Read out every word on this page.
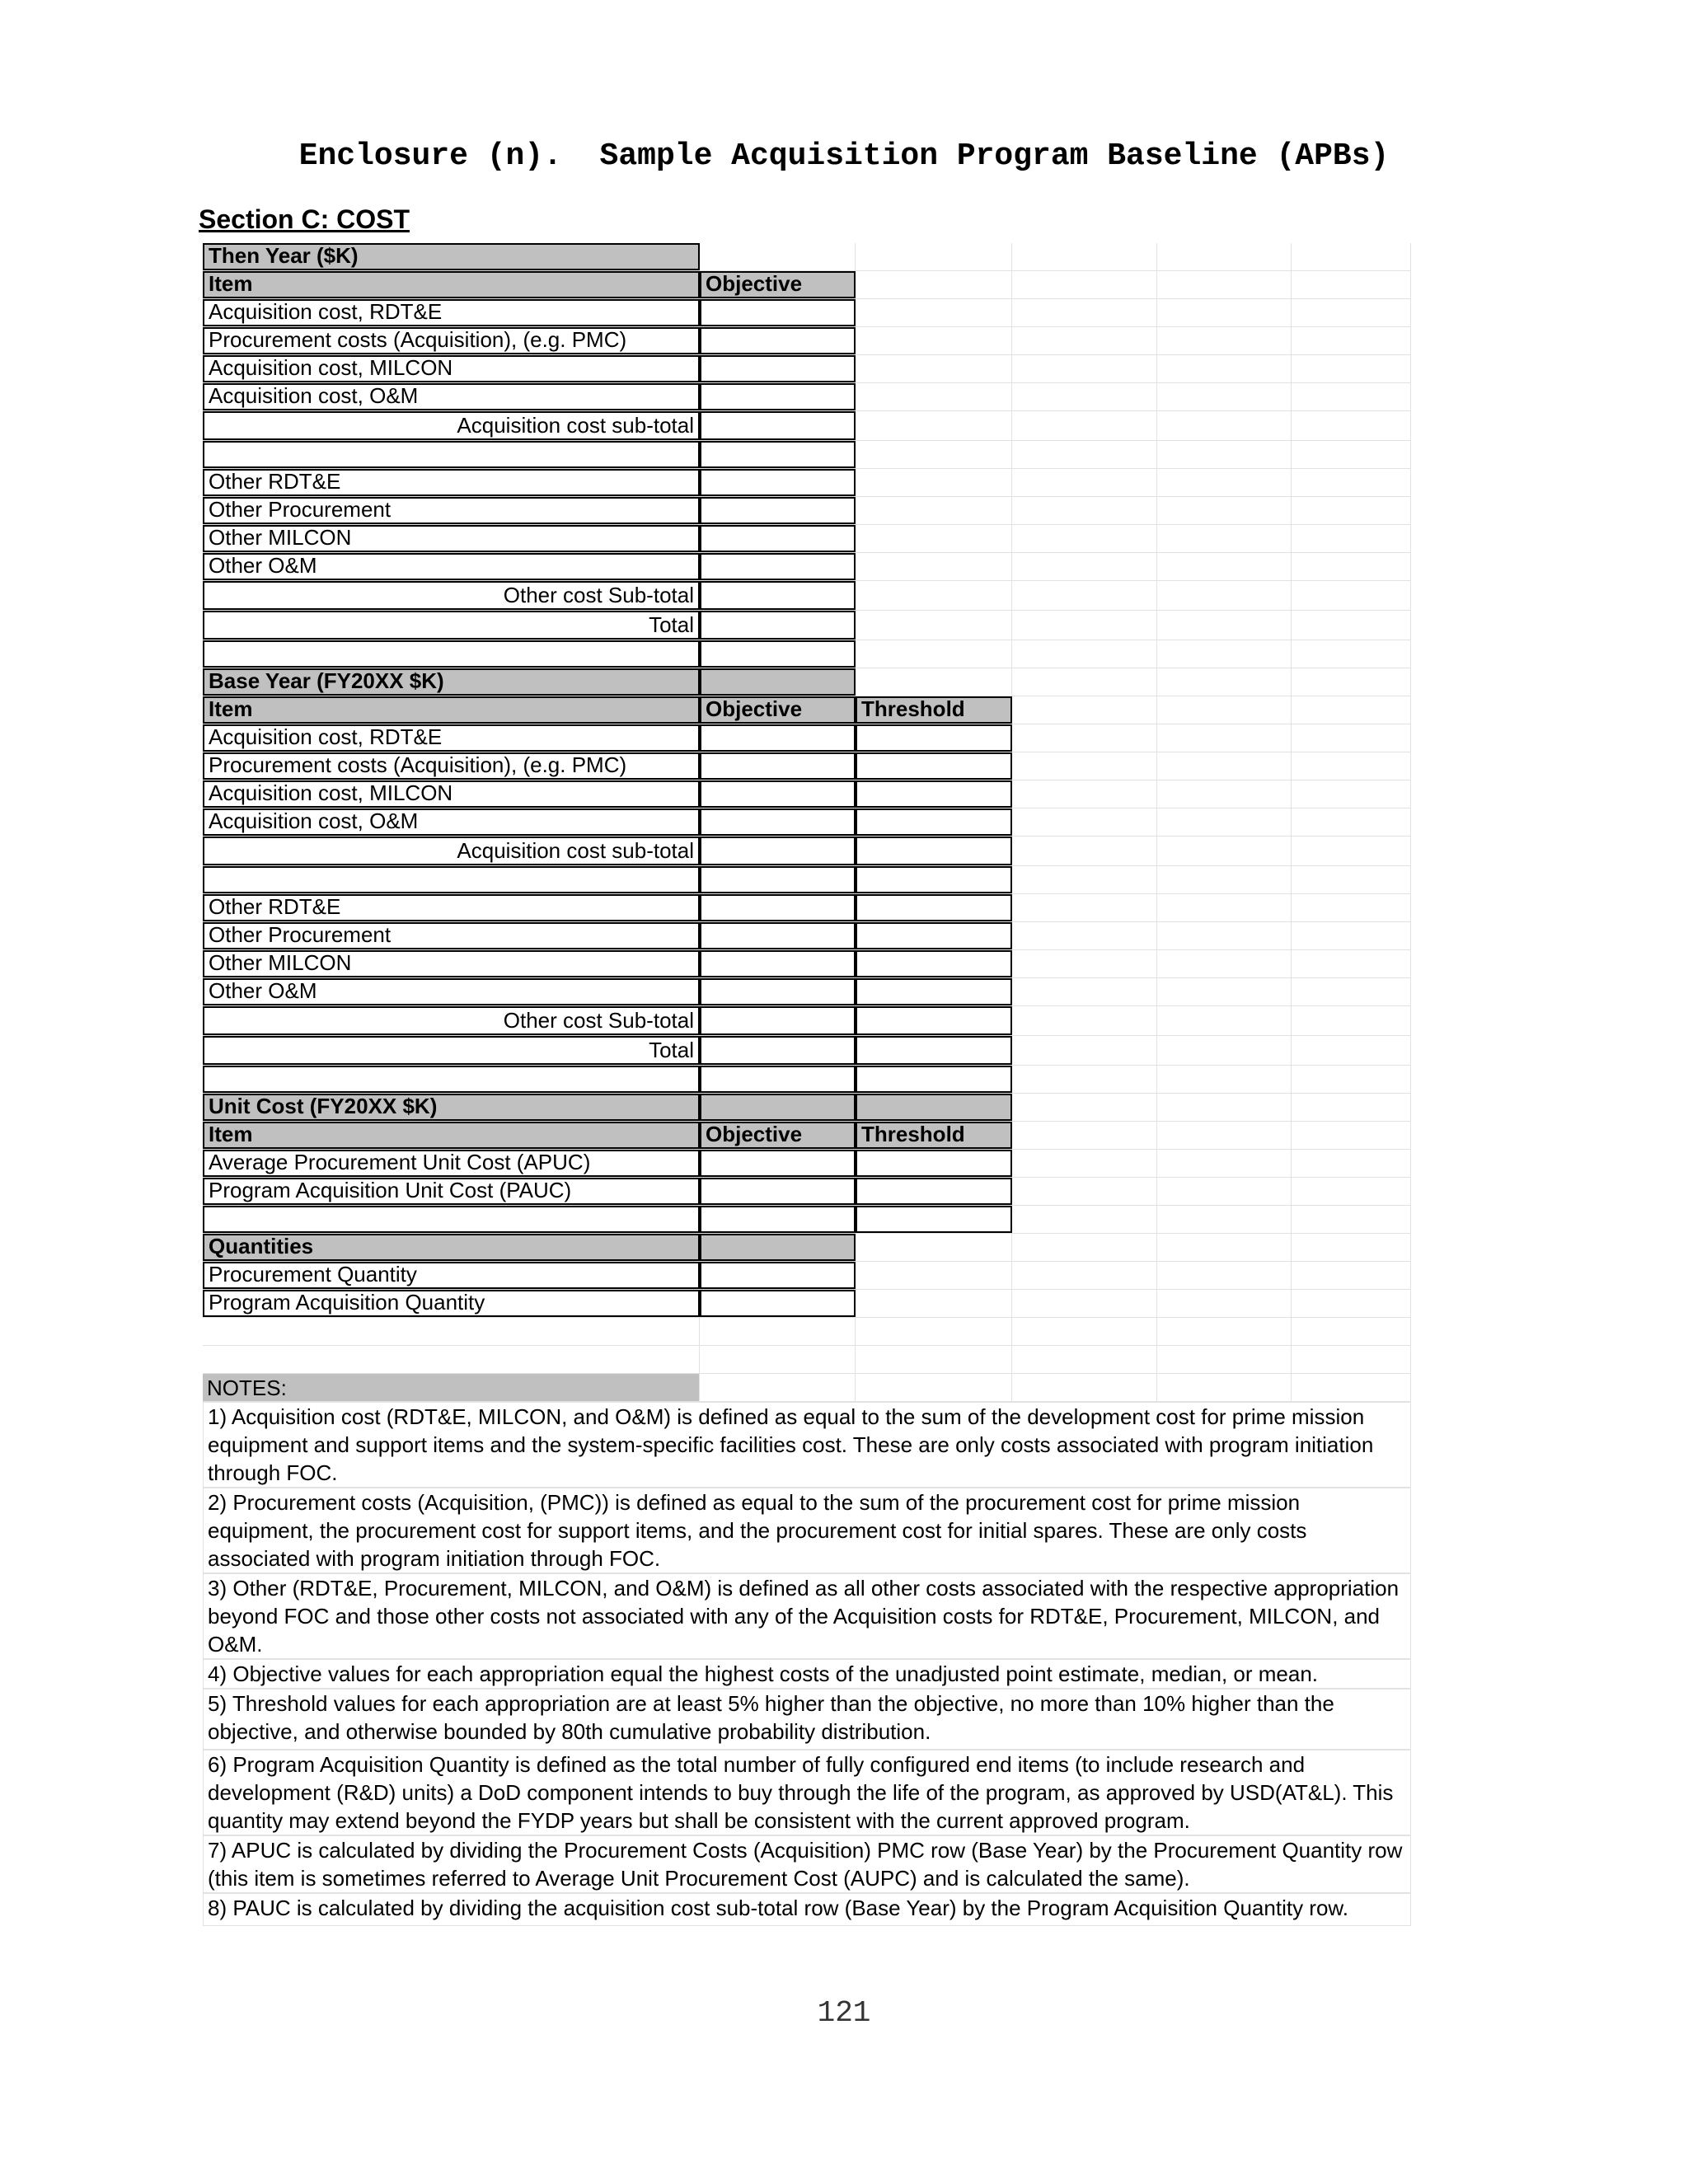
Enclosure (n).  Sample Acquisition Program Baseline (APBs)
Section C: COST
Then Year ($K)
Item	Objective
Acquisition cost, RDT&E
Procurement costs (Acquisition), (e.g. PMC)
Acquisition cost, MILCON
Acquisition cost, O&M
Acquisition cost sub-total
Other RDT&E
Other Procurement
Other MILCON
Other O&M
Other cost Sub-total
Total
Base Year (FY20XX $K)
Item	Objective	Threshold
Acquisition cost, RDT&E
Procurement costs (Acquisition), (e.g. PMC)
Acquisition cost, MILCON
Acquisition cost, O&M
Acquisition cost sub-total
Other RDT&E
Other Procurement
Other MILCON
Other O&M
Other cost Sub-total
Total
Unit Cost (FY20XX $K)
Item	Objective	Threshold
Average Procurement Unit Cost (APUC)
Program Acquisition Unit Cost (PAUC)
Quantities
Procurement Quantity
Program Acquisition Quantity
NOTES:
1) Acquisition cost (RDT&E, MILCON, and O&M) is defined as equal to the sum of the development cost for prime mission equipment and support items and the system-specific facilities cost. These are only costs associated with program initiation through FOC.
2) Procurement costs (Acquisition, (PMC)) is defined as equal to the sum of the procurement cost for prime mission equipment, the procurement cost for support items, and the procurement cost for initial spares. These are only costs associated with program initiation through FOC.
3) Other (RDT&E, Procurement, MILCON, and O&M) is defined as all other costs associated with the respective appropriation beyond FOC and those other costs not associated with any of the Acquisition costs for RDT&E, Procurement, MILCON, and O&M.
4) Objective values for each appropriation equal the highest costs of the unadjusted point estimate, median, or mean.
5) Threshold values for each appropriation are at least 5% higher than the objective, no more than 10% higher than the objective, and otherwise bounded by 80th cumulative probability distribution.
6) Program Acquisition Quantity is defined as the total number of fully configured end items (to include research and development (R&D) units) a DoD component intends to buy through the life of the program, as approved by USD(AT&L). This quantity may extend beyond the FYDP years but shall be consistent with the current approved program.
7) APUC is calculated by dividing the Procurement Costs (Acquisition) PMC row (Base Year) by the Procurement Quantity row (this item is sometimes referred to Average Unit Procurement Cost (AUPC) and is calculated the same).
8) PAUC is calculated by dividing the acquisition cost sub-total row (Base Year) by the Program Acquisition Quantity row.
121
